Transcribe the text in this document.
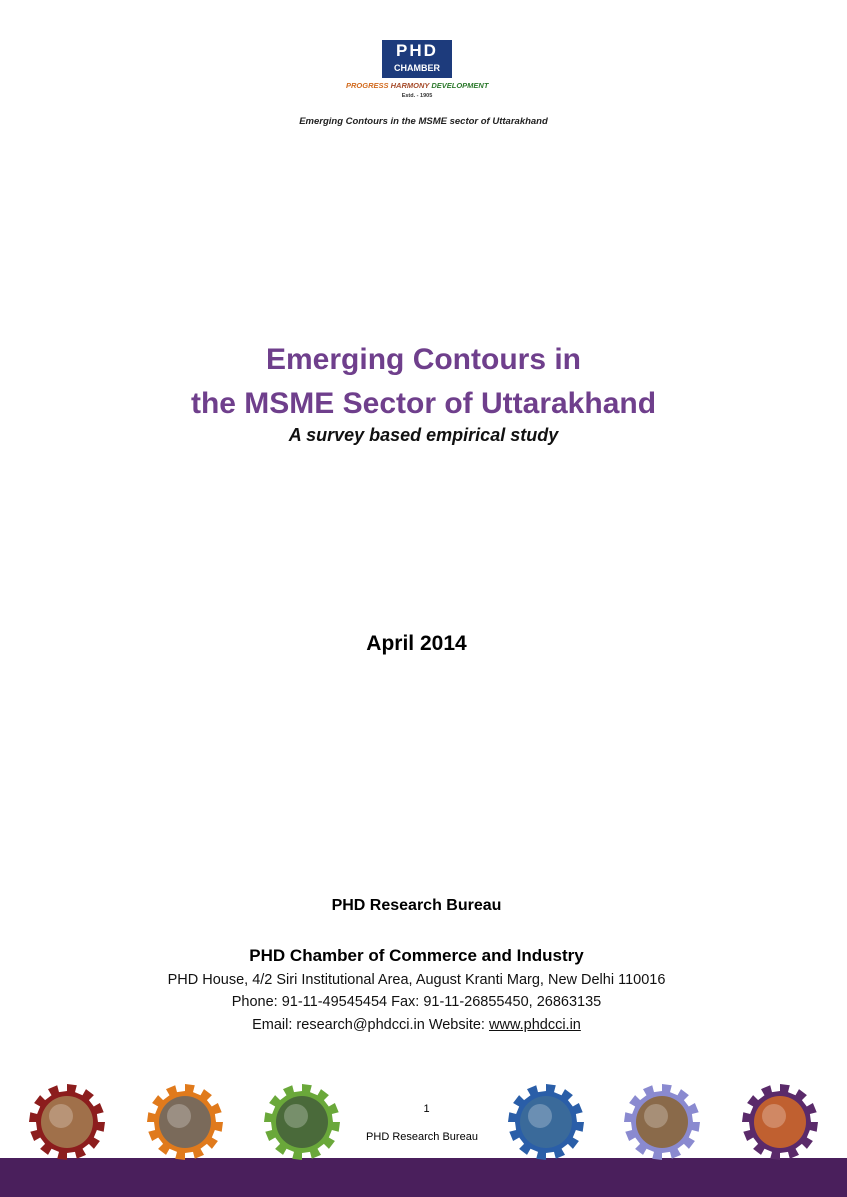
PHD
CHAMBER
PROGRESS HARMONY DEVELOPMENT
Estd. - 1905
Emerging Contours in the MSME sector of Uttarakhand
Emerging Contours in
the MSME Sector of Uttarakhand
A survey based empirical study
April 2014
PHD Research Bureau
PHD Chamber of Commerce and Industry
PHD House, 4/2 Siri Institutional Area, August Kranti Marg, New Delhi 110016
Phone: 91-11-49545454 Fax: 91-11-26855450, 26863135
Email: research@phdcci.in Website: www.phdcci.in
1
PHD Research Bureau
